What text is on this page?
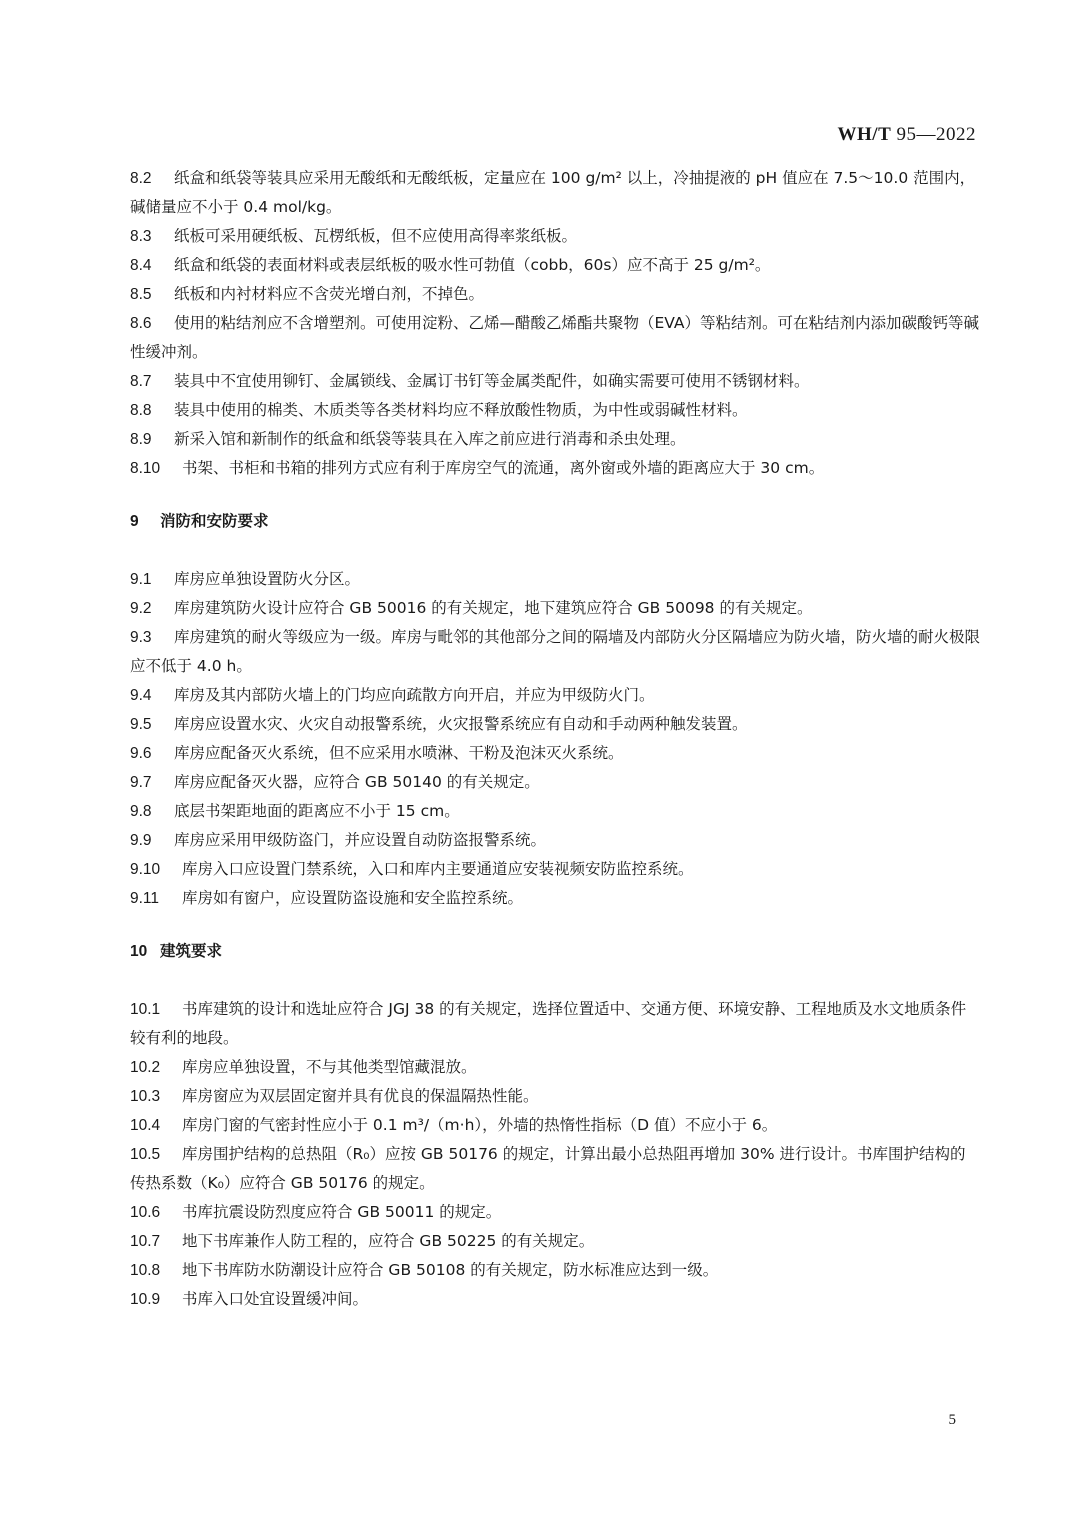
WH/T 95—2022

8.2 纸盒和纸袋等装具应采用无酸纸和无酸纸板，定量应在 100 g/m² 以上，冷抽提液的 pH 值应在 7.5～10.0 范围内，碱储量应不小于 0.4 mol/kg。

8.3 纸板可采用硬纸板、瓦楞纸板，但不应使用高得率浆纸板。

8.4 纸盒和纸袋的表面材料或表层纸板的吸水性可勃值（cobb，60s）应不高于 25 g/m²。

8.5 纸板和内衬材料应不含荧光增白剂，不掉色。

8.6 使用的粘结剂应不含增塑剂。可使用淀粉、乙烯—醋酸乙烯酯共聚物（EVA）等粘结剂。可在粘结剂内添加碳酸钙等碱性缓冲剂。

8.7 装具中不宜使用铆钉、金属锁线、金属订书钉等金属类配件，如确实需要可使用不锈钢材料。

8.8 装具中使用的棉类、木质类等各类材料均应不释放酸性物质，为中性或弱碱性材料。

8.9 新采入馆和新制作的纸盒和纸袋等装具在入库之前应进行消毒和杀虫处理。

8.10 书架、书柜和书箱的排列方式应有利于库房空气的流通，离外窗或外墙的距离应大于 30 cm。

9 消防和安防要求

9.1 库房应单独设置防火分区。

9.2 库房建筑防火设计应符合 GB 50016 的有关规定，地下建筑应符合 GB 50098 的有关规定。

9.3 库房建筑的耐火等级应为一级。库房与毗邻的其他部分之间的隔墙及内部防火分区隔墙应为防火墙，防火墙的耐火极限应不低于 4.0 h。

9.4 库房及其内部防火墙上的门均应向疏散方向开启，并应为甲级防火门。

9.5 库房应设置水灾、火灾自动报警系统，火灾报警系统应有自动和手动两种触发装置。

9.6 库房应配备灭火系统，但不应采用水喷淋、干粉及泡沫灭火系统。

9.7 库房应配备灭火器，应符合 GB 50140 的有关规定。

9.8 底层书架距地面的距离应不小于 15 cm。

9.9 库房应采用甲级防盗门，并应设置自动防盗报警系统。

9.10 库房入口应设置门禁系统，入口和库内主要通道应安装视频安防监控系统。

9.11 库房如有窗户，应设置防盗设施和安全监控系统。

10 建筑要求

10.1 书库建筑的设计和选址应符合 JGJ 38 的有关规定，选择位置适中、交通方便、环境安静、工程地质及水文地质条件较有利的地段。

10.2 库房应单独设置，不与其他类型馆藏混放。

10.3 库房窗应为双层固定窗并具有优良的保温隔热性能。

10.4 库房门窗的气密封性应小于 0.1 m³/（m·h），外墙的热惰性指标（D 值）不应小于 6。

10.5 库房围护结构的总热阻（R₀）应按 GB 50176 的规定，计算出最小总热阻再增加 30% 进行设计。书库围护结构的传热系数（K₀）应符合 GB 50176 的规定。

10.6 书库抗震设防烈度应符合 GB 50011 的规定。

10.7 地下书库兼作人防工程的，应符合 GB 50225 的有关规定。

10.8 地下书库防水防潮设计应符合 GB 50108 的有关规定，防水标准应达到一级。

10.9 书库入口处宜设置缓冲间。

5
